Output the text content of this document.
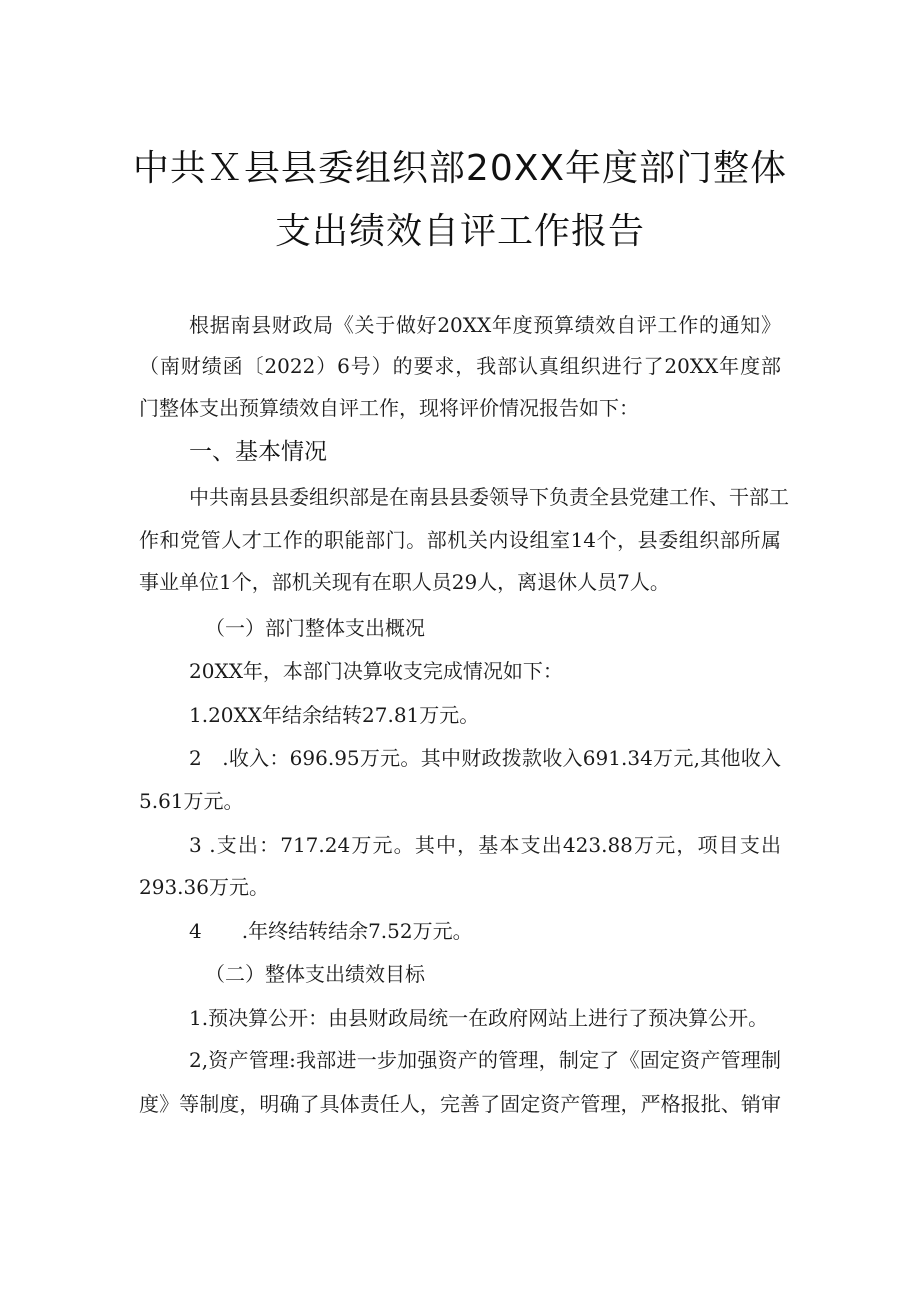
中共Ｘ县县委组织部20XX年度部门整体
支出绩效自评工作报告
根据南县财政局《关于做好20XX年度预算绩效自评工作的通知》
（南财绩函〔2022）6号）的要求，我部认真组织进行了20XX年度部
门整体支出预算绩效自评工作，现将评价情况报告如下：
一、基本情况
中共南县县委组织部是在南县县委领导下负责全县党建工作、干部工
作和党管人才工作的职能部门。部机关内设组室14个，县委组织部所属
事业单位1个，部机关现有在职人员29人，离退休人员7人。
（一）部门整体支出概况
20XX年，本部门决算收支完成情况如下：
1.20XX年结余结转27.81万元。
2　.收入：696.95万元。其中财政拨款收入691.34万元,其他收入
5.61万元。
3 .支出：717.24万元。其中，基本支出423.88万元，项目支出
293.36万元。
4　　.年终结转结余7.52万元。
（二）整体支出绩效目标
1.预决算公开：由县财政局统一在政府网站上进行了预决算公开。
2,资产管理:我部进一步加强资产的管理，制定了《固定资产管理制
度》等制度，明确了具体责任人，完善了固定资产管理，严格报批、销审
